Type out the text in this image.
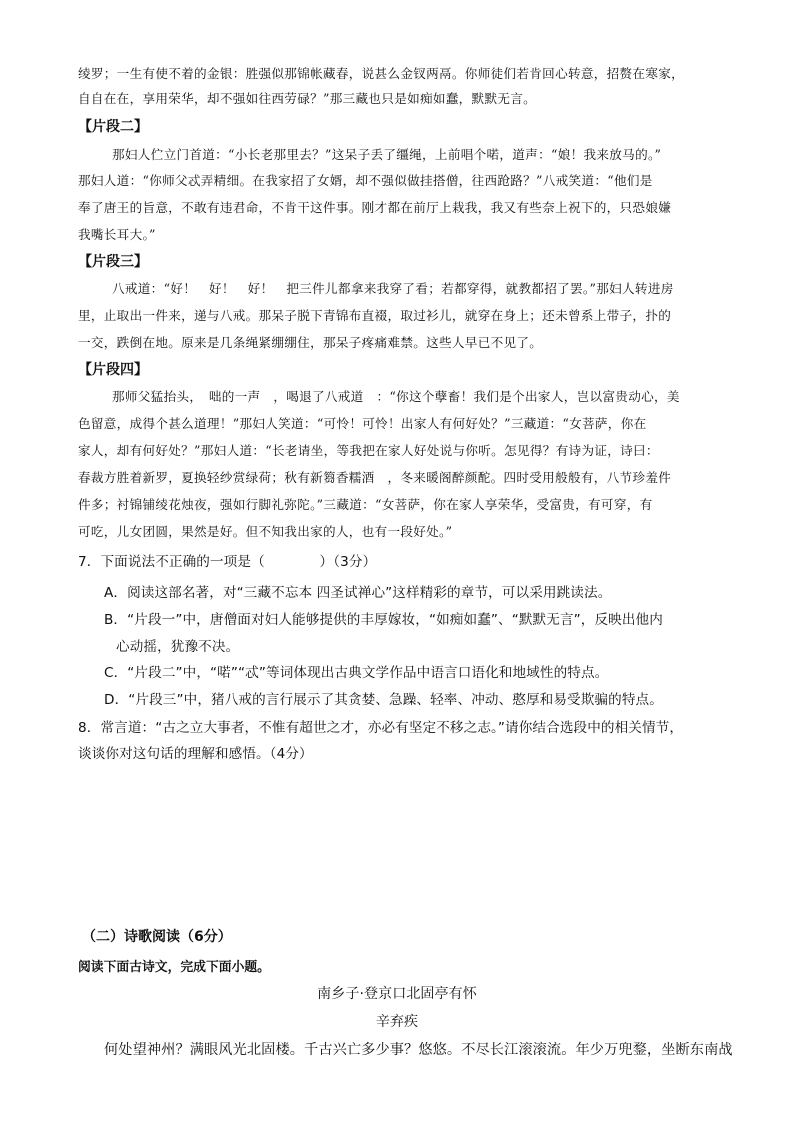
绫罗；一生有使不着的金银：胜强似那锦帐藏春，说甚么金钗两鬲。你师徒们若肯回心转意，招赘在寒家，
自自在在，享用荣华，却不强如往西劳碌？”那三藏也只是如痴如蠢，默默无言。
【片段二】
那妇人伫立门首道：“小长老那里去？”这呆子丢了缰绳，上前唱个喏，道声：“娘！我来放马的。”
那妇人道：“你师父忒弄精细。在我家招了女婿，却不强似做挂搭僧，往西跄路？”八戒笑道：“他们是
奉了唐王的旨意，不敢有违君命，不肯干这件事。刚才都在前厅上栽我，我又有些奈上祝下的，只恐娘嫌
我嘴长耳大。”
【片段三】
八戒道：“好！　好！　好！　把三件儿都拿来我穿了看；若都穿得，就教都招了罢。”那妇人转进房
里，止取出一件来，递与八戒。那呆子脱下青锦布直裰，取过衫儿，就穿在身上；还未曾系上带子，扑的
一交，跌倒在地。原来是几条绳紧绷绷住，那呆子疼痛难禁。这些人早已不见了。
【片段四】
那师父猛抬头，　咄的一声　，喝退了八戒道　：“你这个孽畜！我们是个出家人，岂以富贵动心，美
色留意，成得个甚么道理！”那妇人笑道：“可怜！可怜！出家人有何好处？”三藏道：“女菩萨，你在
家人，却有何好处？”那妇人道：“长老请坐，等我把在家人好处说与你听。怎见得？有诗为证，诗曰：
春裁方胜着新罗，夏换轻纱赏绿荷；秋有新篘香糯酒　，冬来暖阁醉颜酡。四时受用般般有，八节珍羞件
件多；衬锦铺绫花烛夜，强如行脚礼弥陀。”三藏道：“女菩萨，你在家人享荣华，受富贵，有可穿，有
可吃，儿女团圆，果然是好。但不知我出家的人，也有一段好处。”
7．下面说法不正确的一项是（　　　　）（3分）
A．阅读这部名著，对“三藏不忘本 四圣试禅心”这样精彩的章节，可以采用跳读法。
B．“片段一”中，唐僧面对妇人能够提供的丰厚嫁妆，“如痴如蠢”、“默默无言”，反映出他内
心动摇，犹豫不决。
C．“片段二”中，“喏”“忒”等词体现出古典文学作品中语言口语化和地域性的特点。
D．“片段三”中，猪八戒的言行展示了其贪婪、急躁、轻率、冲动、憨厚和易受欺骗的特点。
8．常言道：“古之立大事者，不惟有超世之才，亦必有坚定不移之志。”请你结合选段中的相关情节，
谈谈你对这句话的理解和感悟。（4分）
（二）诗歌阅读（6分）
阅读下面古诗文，完成下面小题。
南乡子·登京口北固亭有怀
辛弃疾
何处望神州？满眼风光北固楼。千古兴亡多少事？悠悠。不尽长江滚滚流。年少万兜鍪，坐断东南战
